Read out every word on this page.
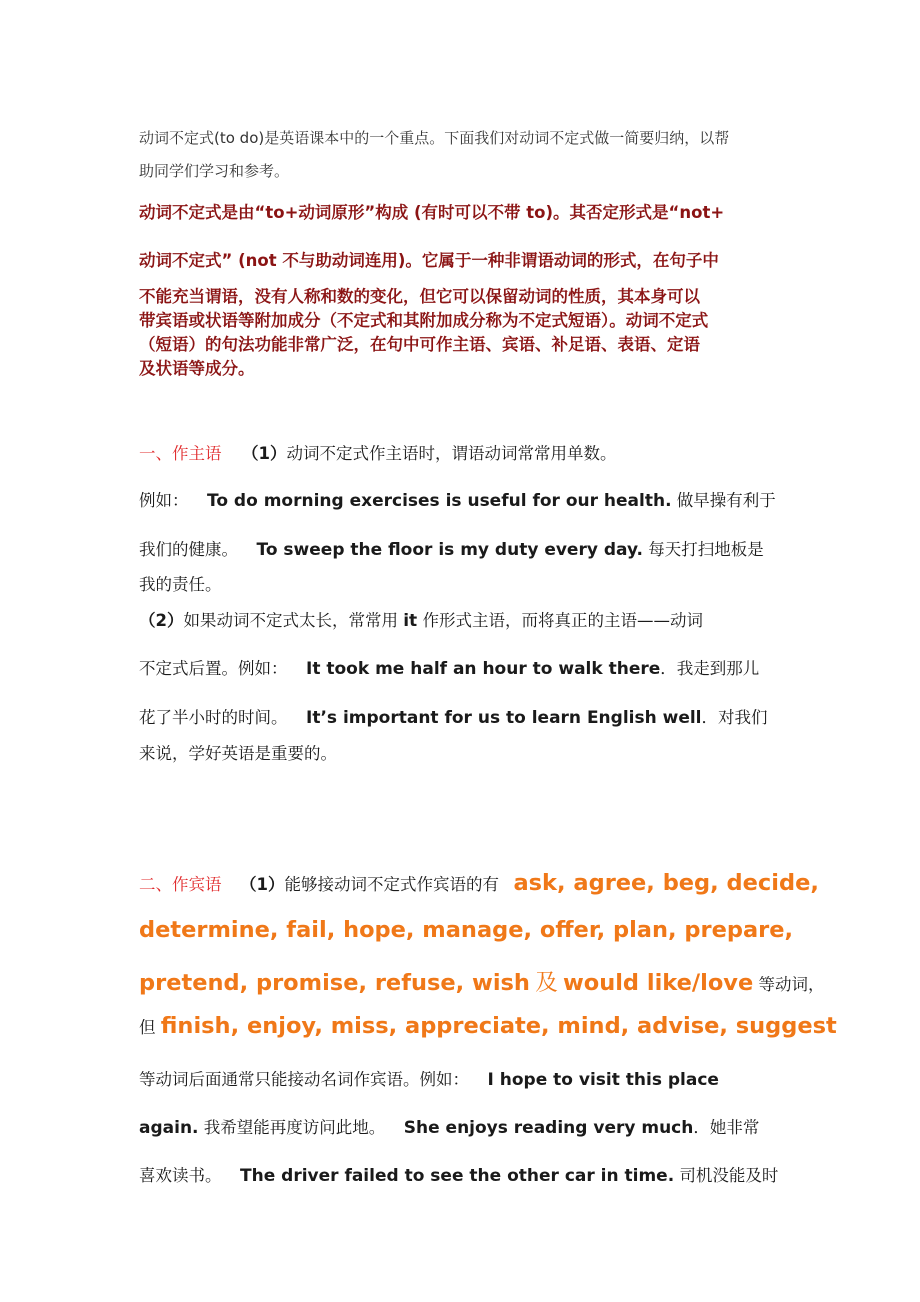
动词不定式(to do)是英语课本中的一个重点。下面我们对动词不定式做一简要归纳，以帮
助同学们学习和参考。
动词不定式是由“to+动词原形”构成 (有时可以不带 to)。其否定形式是“not+
动词不定式” (not 不与助动词连用)。它属于一种非谓语动词的形式，在句子中
不能充当谓语，没有人称和数的变化，但它可以保留动词的性质，其本身可以
带宾语或状语等附加成分（不定式和其附加成分称为不定式短语）。动词不定式
（短语）的句法功能非常广泛，在句中可作主语、宾语、补足语、表语、定语
及状语等成分。
一、作主语 （1）动词不定式作主语时，谓语动词常常用单数。
例如： To do morning exercises is useful for our health. 做早操有利于
我们的健康。 To sweep the floor is my duty every day. 每天打扫地板是
我的责任。
（2）如果动词不定式太长，常常用 it 作形式主语，而将真正的主语——动词
不定式后置。例如： It took me half an hour to walk there．我走到那儿
花了半小时的时间。 It’s important for us to learn English well．对我们
来说，学好英语是重要的。
二、作宾语 （1）能够接动词不定式作宾语的有 ask, agree, beg, decide,
determine, fail, hope, manage, offer, plan, prepare,
pretend, promise, refuse, wish 及 would like/love 等动词，
但 finish, enjoy, miss, appreciate, mind, advise, suggest
等动词后面通常只能接动名词作宾语。例如： I hope to visit this place
again. 我希望能再度访问此地。 She enjoys reading very much．她非常
喜欢读书。 The driver failed to see the other car in time. 司机没能及时
